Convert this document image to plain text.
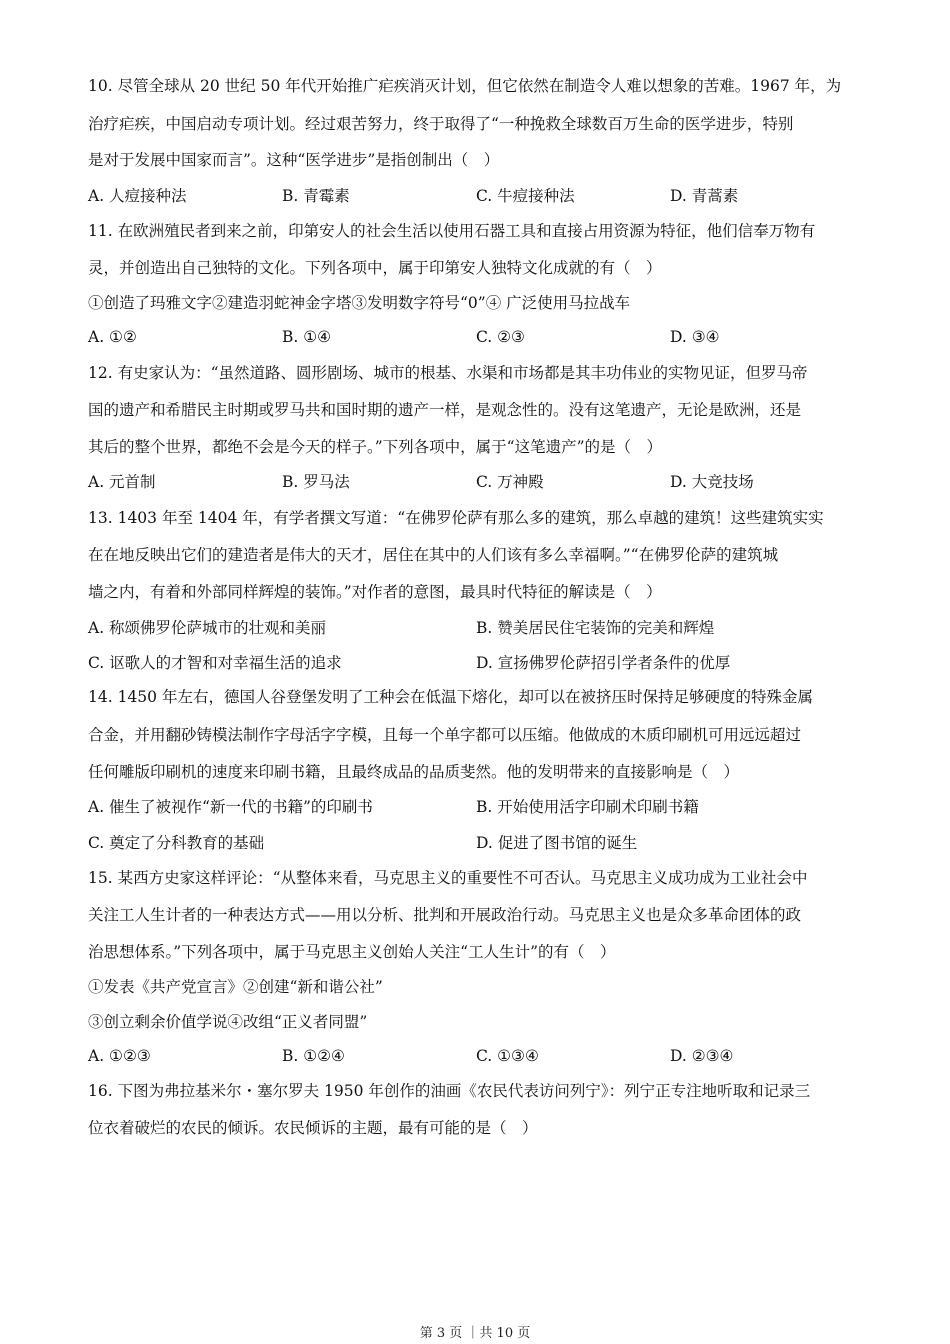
10. 尽管全球从 20 世纪 50 年代开始推广疟疾消灭计划，但它依然在制造令人难以想象的苦难。1967 年，为
治疗疟疾，中国启动专项计划。经过艰苦努力，终于取得了“一种挽救全球数百万生命的医学进步，特别
是对于发展中国家而言”。这种“医学进步”是指创制出（　）
A. 人痘接种法	B. 青霉素	C. 牛痘接种法	D. 青蒿素
11. 在欧洲殖民者到来之前，印第安人的社会生活以使用石器工具和直接占用资源为特征，他们信奉万物有
灵，并创造出自己独特的文化。下列各项中，属于印第安人独特文化成就的有（　）
①创造了玛雅文字②建造羽蛇神金字塔③发明数字符号“0”④ 广泛使用马拉战车
A. ①②	B. ①④	C. ②③	D. ③④
12. 有史家认为：“虽然道路、圆形剧场、城市的根基、水渠和市场都是其丰功伟业的实物见证，但罗马帝
国的遗产和希腊民主时期或罗马共和国时期的遗产一样，是观念性的。没有这笔遗产，无论是欧洲，还是
其后的整个世界，都绝不会是今天的样子。”下列各项中，属于“这笔遗产”的是（　）
A. 元首制	B. 罗马法	C. 万神殿	D. 大竞技场
13. 1403 年至 1404 年，有学者撰文写道：“在佛罗伦萨有那么多的建筑，那么卓越的建筑！这些建筑实实
在在地反映出它们的建造者是伟大的天才，居住在其中的人们该有多么幸福啊。”“在佛罗伦萨的建筑城
墙之内，有着和外部同样辉煌的装饰。”对作者的意图，最具时代特征的解读是（　）
A. 称颂佛罗伦萨城市的壮观和美丽	B. 赞美居民住宅装饰的完美和辉煌
C. 讴歌人的才智和对幸福生活的追求	D. 宣扬佛罗伦萨招引学者条件的优厚
14. 1450 年左右，德国人谷登堡发明了工种会在低温下熔化，却可以在被挤压时保持足够硬度的特殊金属
合金，并用翻砂铸模法制作字母活字字模，且每一个单字都可以压缩。他做成的木质印刷机可用远远超过
任何雕版印刷机的速度来印刷书籍，且最终成品的品质斐然。他的发明带来的直接影响是（　）
A. 催生了被视作“新一代的书籍”的印刷书	B. 开始使用活字印刷术印刷书籍
C. 奠定了分科教育的基础	D. 促进了图书馆的诞生
15. 某西方史家这样评论：“从整体来看，马克思主义的重要性不可否认。马克思主义成功成为工业社会中
关注工人生计者的一种表达方式——用以分析、批判和开展政治行动。马克思主义也是众多革命团体的政
治思想体系。”下列各项中，属于马克思主义创始人关注“工人生计”的有（　）
①发表《共产党宣言》②创建“新和谐公社”
③创立剩余价值学说④改组“正义者同盟”
A. ①②③	B. ①②④	C. ①③④	D. ②③④
16. 下图为弗拉基米尔・塞尔罗夫 1950 年创作的油画《农民代表访问列宁》：列宁正专注地听取和记录三
位衣着破烂的农民的倾诉。农民倾诉的主题，最有可能的是（　）
第 3 页 ｜共 10 页
